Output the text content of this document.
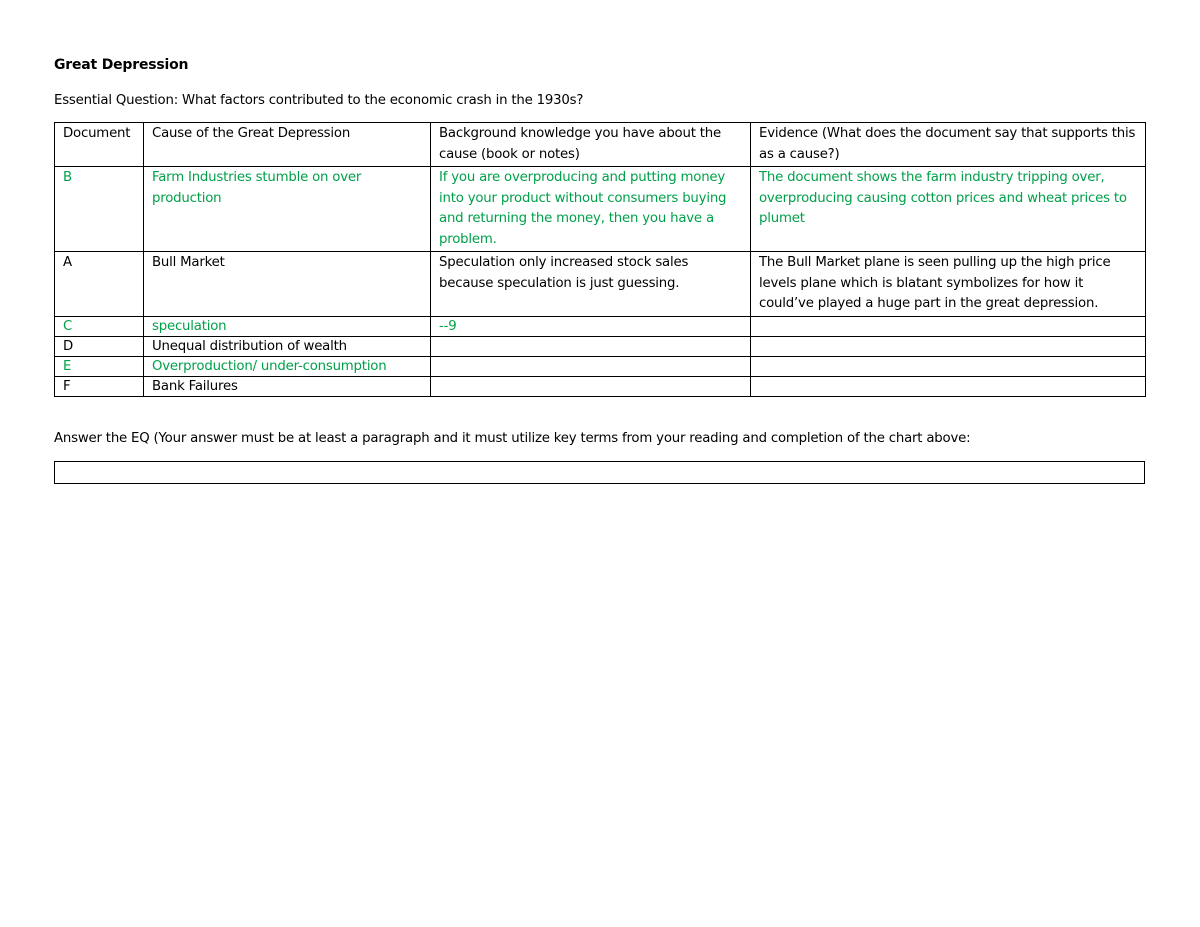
Great Depression
Essential Question: What factors contributed to the economic crash in the 1930s?
Document	Cause of the Great Depression	Background knowledge you have about the cause (book or notes)	Evidence (What does the document say that supports this as a cause?)
B	Farm Industries stumble on over production	If you are overproducing and putting money into your product without consumers buying and returning the money, then you have a problem.	The document shows the farm industry tripping over, overproducing causing cotton prices and wheat prices to plumet
A	Bull Market	Speculation only increased stock sales because speculation is just guessing.	The Bull Market plane is seen pulling up the high price levels plane which is blatant symbolizes for how it could’ve played a huge part in the great depression.
C	speculation	--9	
D	Unequal distribution of wealth		
E	Overproduction/ under-consumption		
F	Bank Failures		
Answer the EQ (Your answer must be at least a paragraph and it must utilize key terms from your reading and completion of the chart above:
